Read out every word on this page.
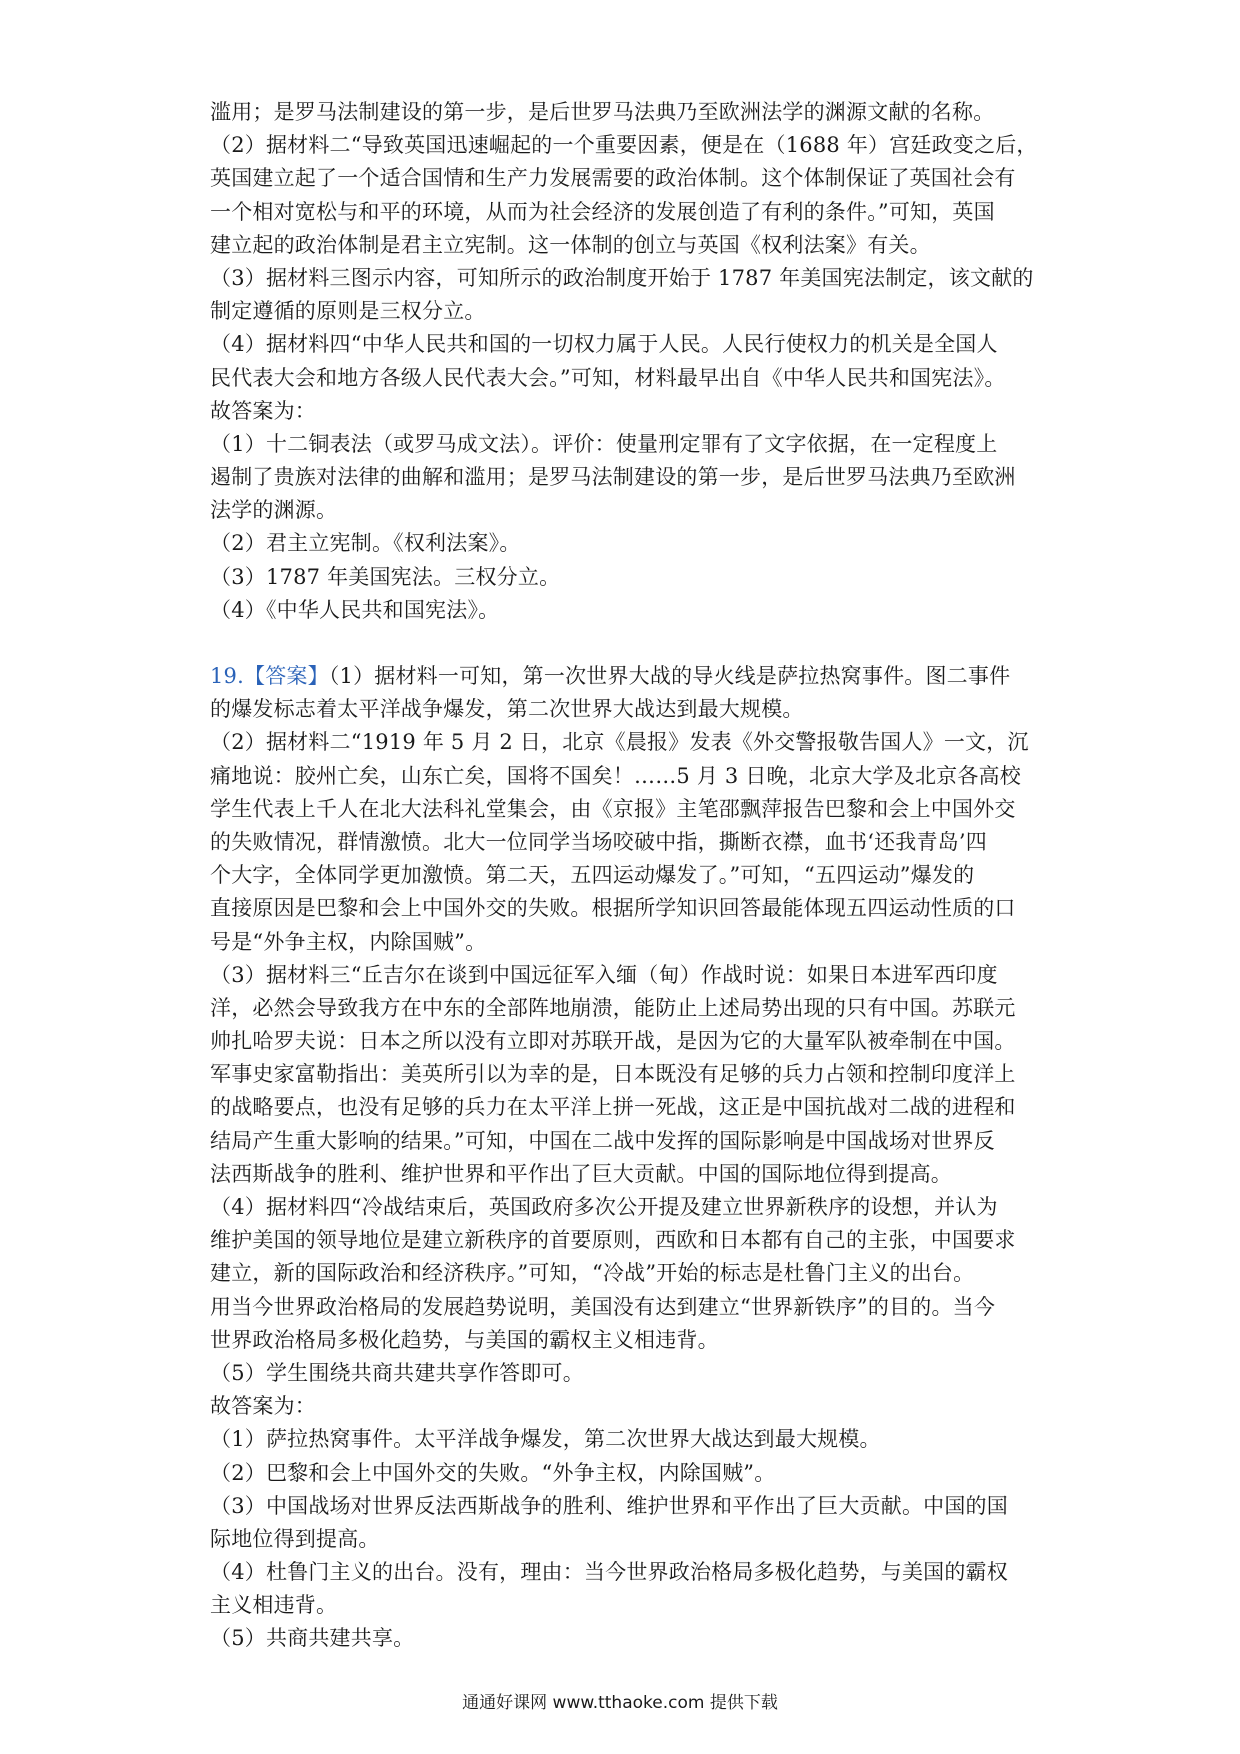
滥用；是罗马法制建设的第一步，是后世罗马法典乃至欧洲法学的渊源文献的名称。
（2）据材料二“导致英国迅速崛起的一个重要因素，便是在（1688 年）宫廷政变之后，
英国建立起了一个适合国情和生产力发展需要的政治体制。这个体制保证了英国社会有
一个相对宽松与和平的环境，从而为社会经济的发展创造了有利的条件。”可知，英国
建立起的政治体制是君主立宪制。这一体制的创立与英国《权利法案》有关。
（3）据材料三图示内容，可知所示的政治制度开始于 1787 年美国宪法制定，该文献的
制定遵循的原则是三权分立。
（4）据材料四“中华人民共和国的一切权力属于人民。人民行使权力的机关是全国人
民代表大会和地方各级人民代表大会。”可知，材料最早出自《中华人民共和国宪法》。
故答案为：
（1）十二铜表法（或罗马成文法）。评价：使量刑定罪有了文字依据，在一定程度上
遏制了贵族对法律的曲解和滥用；是罗马法制建设的第一步，是后世罗马法典乃至欧洲
法学的渊源。
（2）君主立宪制。《权利法案》。
（3）1787 年美国宪法。三权分立。
（4）《中华人民共和国宪法》。
19.【答案】（1）据材料一可知，第一次世界大战的导火线是萨拉热窝事件。图二事件
的爆发标志着太平洋战争爆发，第二次世界大战达到最大规模。
（2）据材料二“1919 年 5 月 2 日，北京《晨报》发表《外交警报敬告国人》一文，沉
痛地说：胶州亡矣，山东亡矣，国将不国矣！……5 月 3 日晚，北京大学及北京各高校
学生代表上千人在北大法科礼堂集会，由《京报》主笔邵飘萍报告巴黎和会上中国外交
的失败情况，群情激愤。北大一位同学当场咬破中指，撕断衣襟，血书‘还我青岛’四
个大字，全体同学更加激愤。第二天，五四运动爆发了。”可知，“五四运动”爆发的
直接原因是巴黎和会上中国外交的失败。根据所学知识回答最能体现五四运动性质的口
号是“外争主权，内除国贼”。
（3）据材料三“丘吉尔在谈到中国远征军入缅（甸）作战时说：如果日本进军西印度
洋，必然会导致我方在中东的全部阵地崩溃，能防止上述局势出现的只有中国。苏联元
帅扎哈罗夫说：日本之所以没有立即对苏联开战，是因为它的大量军队被牵制在中国。
军事史家富勒指出：美英所引以为幸的是，日本既没有足够的兵力占领和控制印度洋上
的战略要点，也没有足够的兵力在太平洋上拼一死战，这正是中国抗战对二战的进程和
结局产生重大影响的结果。”可知，中国在二战中发挥的国际影响是中国战场对世界反
法西斯战争的胜利、维护世界和平作出了巨大贡献。中国的国际地位得到提高。
（4）据材料四“冷战结束后，英国政府多次公开提及建立世界新秩序的设想，并认为
维护美国的领导地位是建立新秩序的首要原则，西欧和日本都有自己的主张，中国要求
建立，新的国际政治和经济秩序。”可知，“冷战”开始的标志是杜鲁门主义的出台。
用当今世界政治格局的发展趋势说明，美国没有达到建立“世界新铁序”的目的。当今
世界政治格局多极化趋势，与美国的霸权主义相违背。
（5）学生围绕共商共建共享作答即可。
故答案为：
（1）萨拉热窝事件。太平洋战争爆发，第二次世界大战达到最大规模。
（2）巴黎和会上中国外交的失败。“外争主权，内除国贼”。
（3）中国战场对世界反法西斯战争的胜利、维护世界和平作出了巨大贡献。中国的国
际地位得到提高。
（4）杜鲁门主义的出台。没有，理由：当今世界政治格局多极化趋势，与美国的霸权
主义相违背。
（5）共商共建共享。
通通好课网 www.tthaoke.com 提供下载
